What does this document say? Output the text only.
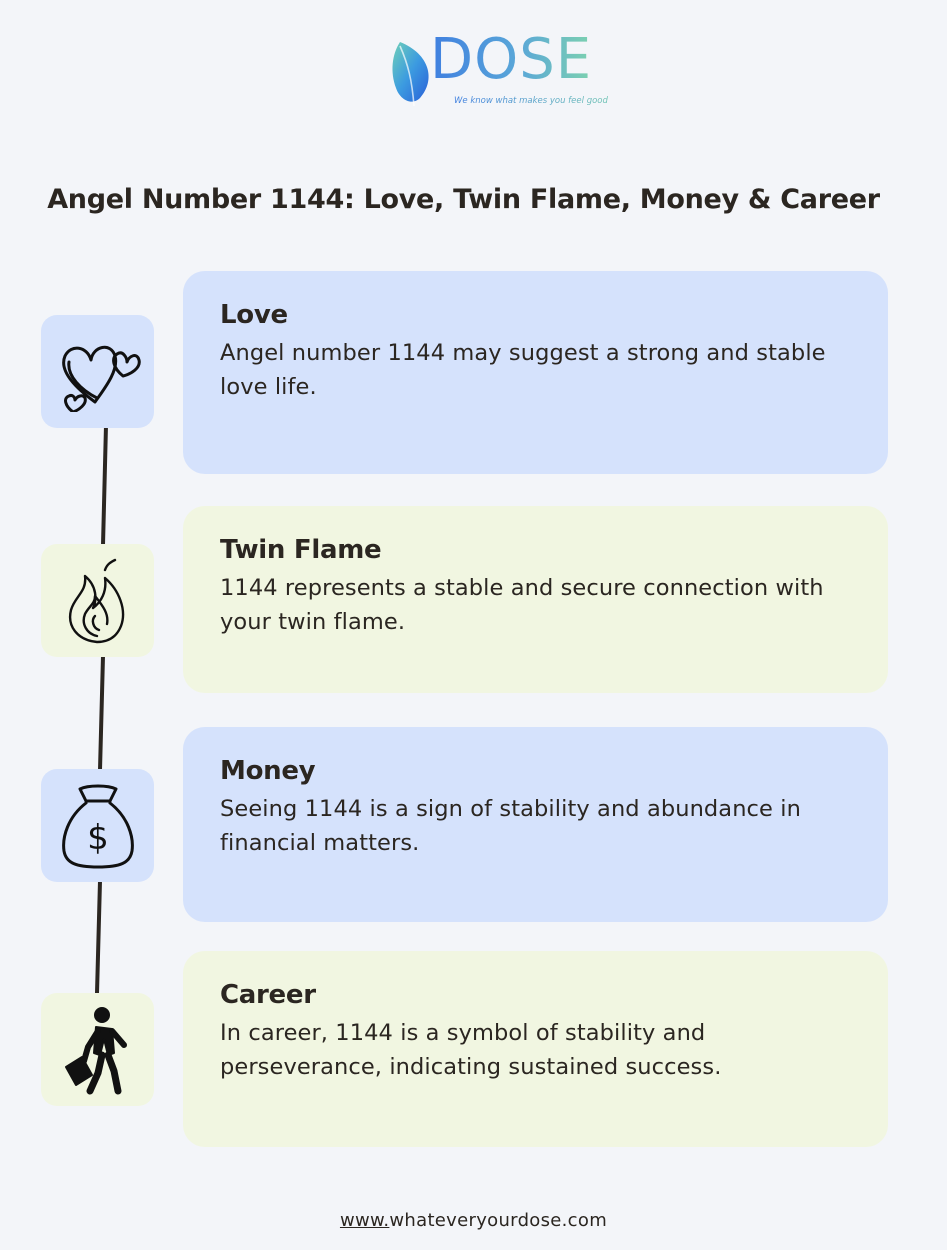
DOSE
We know what makes you feel good
Angel Number 1144: Love, Twin Flame, Money & Career
$
Love

Angel number 1144 may suggest a strong and stable love life.

Twin Flame

1144 represents a stable and secure connection with your twin flame.

Money

Seeing 1144 is a sign of stability and abundance in financial matters.

Career

In career, 1144 is a symbol of stability and perseverance, indicating sustained success.

www.whateveryourdose.com
